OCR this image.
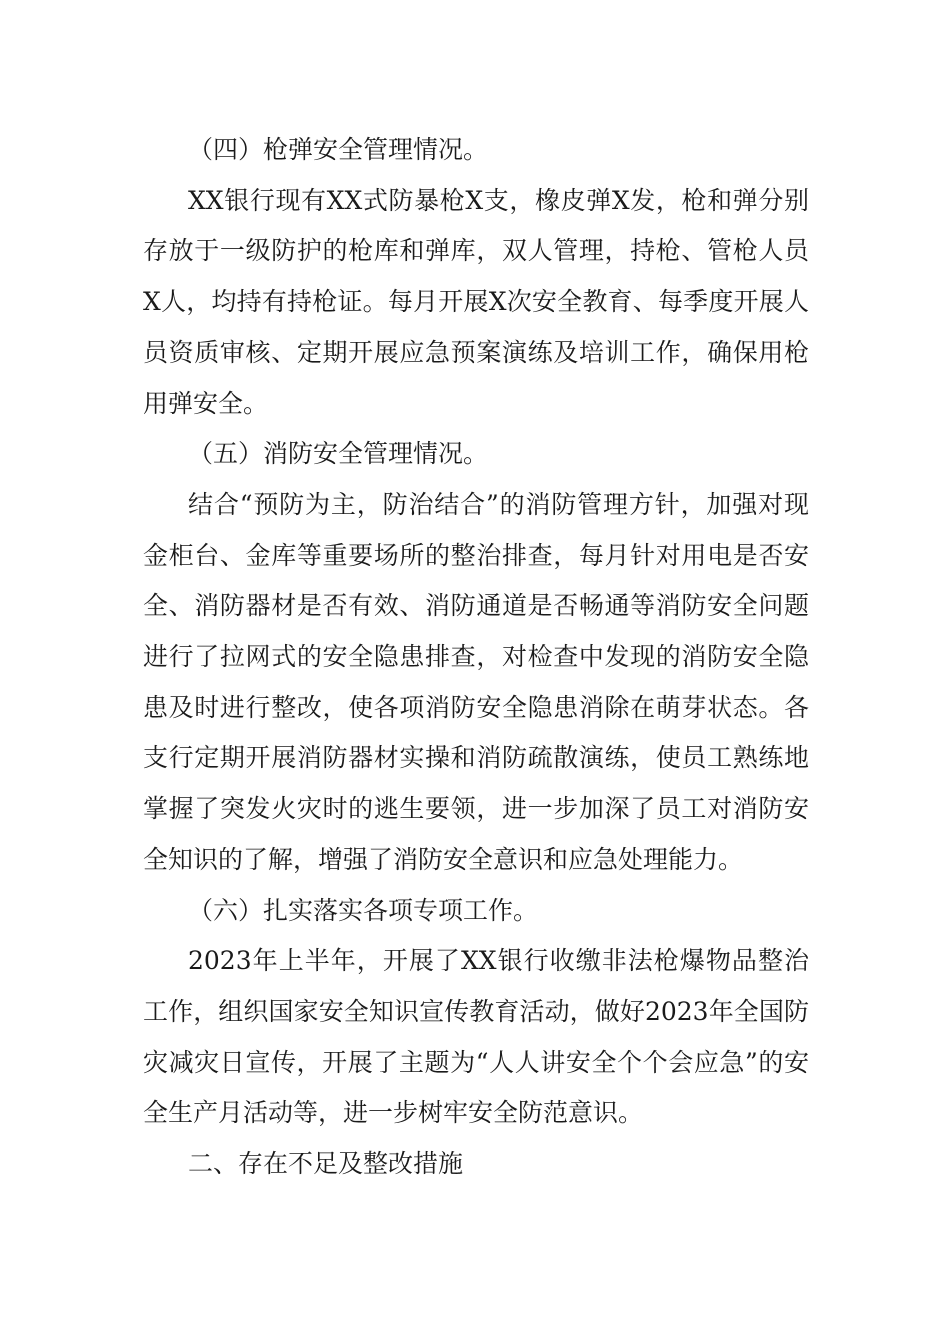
（四）枪弹安全管理情况。

XX银行现有XX式防暴枪X支，橡皮弹X发，枪和弹分别存放于一级防护的枪库和弹库，双人管理，持枪、管枪人员X人，均持有持枪证。每月开展X次安全教育、每季度开展人员资质审核、定期开展应急预案演练及培训工作，确保用枪用弹安全。

（五）消防安全管理情况。

结合“预防为主，防治结合”的消防管理方针，加强对现金柜台、金库等重要场所的整治排查，每月针对用电是否安全、消防器材是否有效、消防通道是否畅通等消防安全问题进行了拉网式的安全隐患排查，对检查中发现的消防安全隐患及时进行整改，使各项消防安全隐患消除在萌芽状态。各支行定期开展消防器材实操和消防疏散演练，使员工熟练地掌握了突发火灾时的逃生要领，进一步加深了员工对消防安全知识的了解，增强了消防安全意识和应急处理能力。

（六）扎实落实各项专项工作。

2023年上半年，开展了XX银行收缴非法枪爆物品整治工作，组织国家安全知识宣传教育活动，做好2023年全国防灾减灾日宣传，开展了主题为“人人讲安全个个会应急”的安全生产月活动等，进一步树牢安全防范意识。

二、存在不足及整改措施
